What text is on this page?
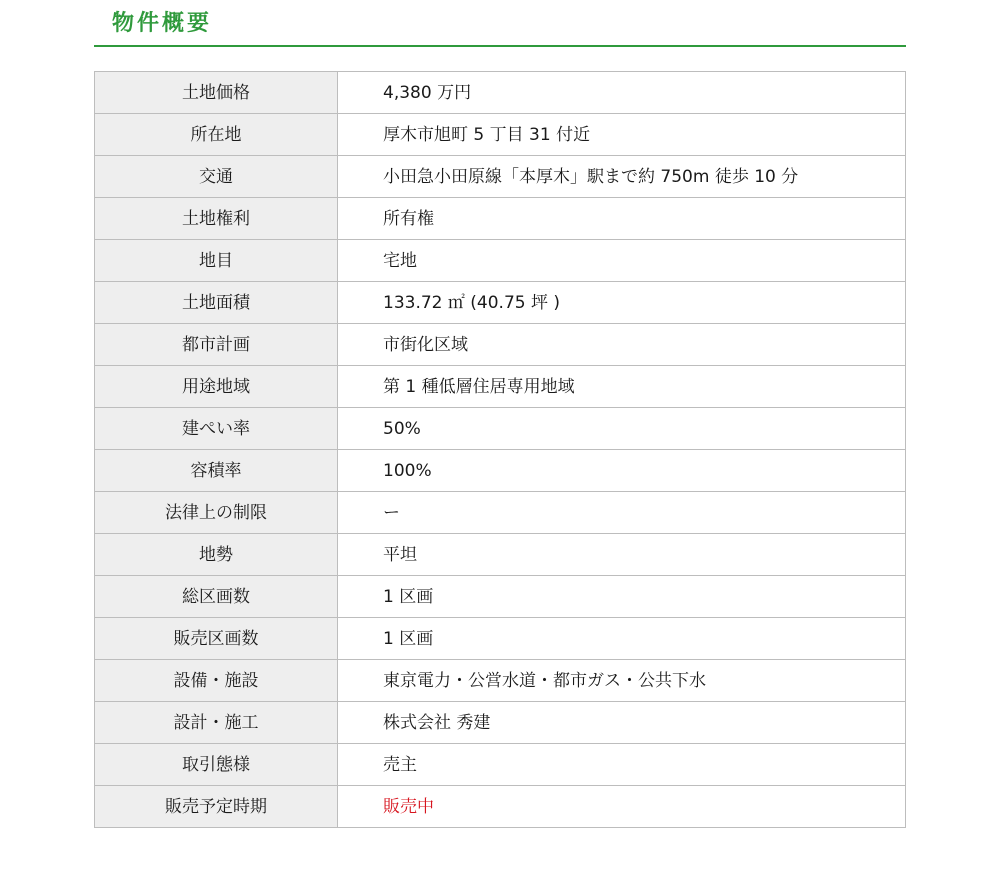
物件概要
土地価格	4,380 万円
所在地	厚木市旭町 5 丁目 31 付近
交通	小田急小田原線「本厚木」駅まで約 750m 徒歩 10 分
土地権利	所有権
地目	宅地
土地面積	133.72 ㎡ (40.75 坪 )
都市計画	市街化区域
用途地域	第 1 種低層住居専用地域
建ぺい率	50%
容積率	100%
法律上の制限	ー
地勢	平坦
総区画数	1 区画
販売区画数	1 区画
設備・施設	東京電力・公営水道・都市ガス・公共下水
設計・施工	株式会社 秀建
取引態様	売主
販売予定時期	販売中
